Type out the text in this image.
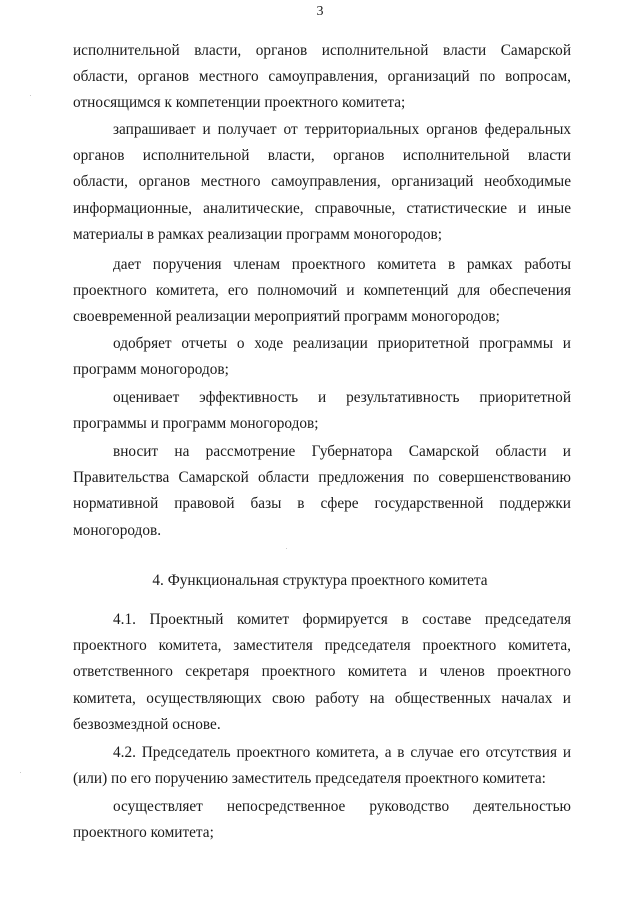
3
исполнительной власти, органов исполнительной власти Самарской
области, органов местного самоуправления, организаций по вопросам,
относящимся к компетенции проектного комитета;
запрашивает и получает от территориальных органов федеральных
органов исполнительной власти, органов исполнительной власти
области, органов местного самоуправления, организаций необходимые
информационные, аналитические, справочные, статистические и иные
материалы в рамках реализации программ моногородов;
дает поручения членам проектного комитета в рамках работы
проектного комитета, его полномочий и компетенций для обеспечения
своевременной реализации мероприятий программ моногородов;
одобряет отчеты о ходе реализации приоритетной программы и
программ моногородов;
оценивает эффективность и результативность приоритетной
программы и программ моногородов;
вносит на рассмотрение Губернатора Самарской области и
Правительства Самарской области предложения по совершенствованию
нормативной правовой базы в сфере государственной поддержки
моногородов.
4. Функциональная структура проектного комитета
4.1. Проектный комитет формируется в составе председателя
проектного комитета, заместителя председателя проектного комитета,
ответственного секретаря проектного комитета и членов проектного
комитета, осуществляющих свою работу на общественных началах и
безвозмездной основе.
4.2. Председатель проектного комитета, а в случае его отсутствия и
(или) по его поручению заместитель председателя проектного комитета:
осуществляет непосредственное руководство деятельностью
проектного комитета;
